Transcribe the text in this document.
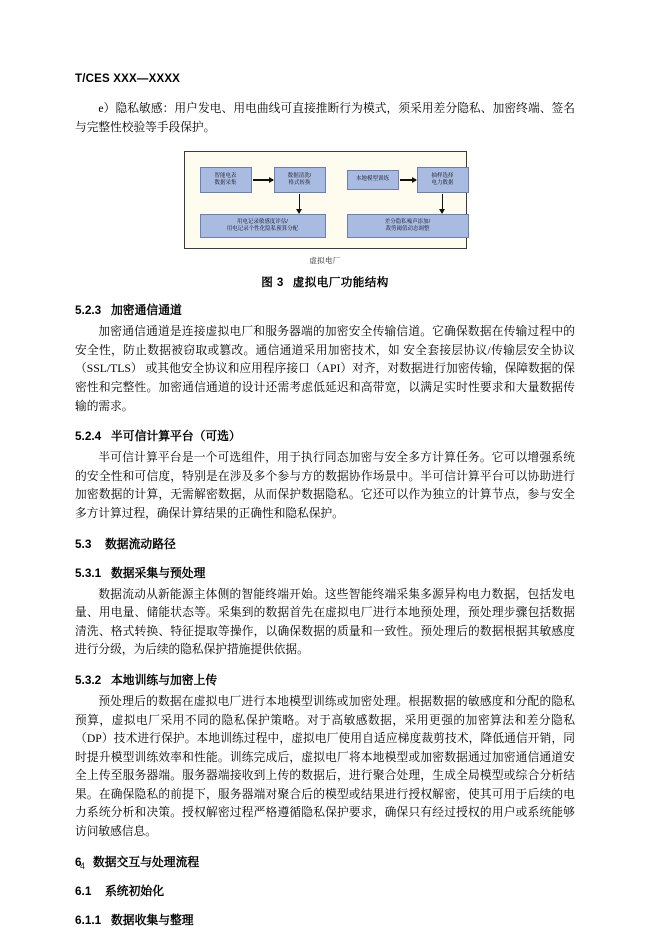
T/CES XXX—XXXX

e）隐私敏感：用户发电、用电曲线可直接推断行为模式，须采用差分隐私、加密终端、签名与完整性校验等手段保护。

智能电表
数据采集
数据清洗/
格式转换
本地模型训练
抽样选择
电力数据
用电记录敏感度评估/
用电记录个性化隐私预算分配
差分隐私噪声添加/
裁剪阈值动态调整
虚拟电厂
图 3 虚拟电厂功能结构
5.2.3 加密通信通道

加密通信通道是连接虚拟电厂和服务器端的加密安全传输信道。它确保数据在传输过程中的安全性，防止数据被窃取或篡改。通信通道采用加密技术，如 安全套接层协议/传输层安全协议（SSL/TLS） 或其他安全协议和应用程序接口（API）对齐，对数据进行加密传输，保障数据的保密性和完整性。加密通信通道的设计还需考虑低延迟和高带宽，以满足实时性要求和大量数据传输的需求。

5.2.4 半可信计算平台（可选）

半可信计算平台是一个可选组件，用于执行同态加密与安全多方计算任务。它可以增强系统的安全性和可信度，特别是在涉及多个参与方的数据协作场景中。半可信计算平台可以协助进行加密数据的计算，无需解密数据，从而保护数据隐私。它还可以作为独立的计算节点，参与安全多方计算过程，确保计算结果的正确性和隐私保护。

5.3 数据流动路径
5.3.1 数据采集与预处理

数据流动从新能源主体侧的智能终端开始。这些智能终端采集多源异构电力数据，包括发电量、用电量、储能状态等。采集到的数据首先在虚拟电厂进行本地预处理，预处理步骤包括数据清洗、格式转换、特征提取等操作，以确保数据的质量和一致性。预处理后的数据根据其敏感度进行分级，为后续的隐私保护措施提供依据。

5.3.2 本地训练与加密上传

预处理后的数据在虚拟电厂进行本地模型训练或加密处理。根据数据的敏感度和分配的隐私预算，虚拟电厂采用不同的隐私保护策略。对于高敏感数据，采用更强的加密算法和差分隐私（DP）技术进行保护。本地训练过程中，虚拟电厂使用自适应梯度裁剪技术，降低通信开销，同时提升模型训练效率和性能。训练完成后，虚拟电厂将本地模型或加密数据通过加密通信通道安全上传至服务器端。服务器端接收到上传的数据后，进行聚合处理，生成全局模型或综合分析结果。在确保隐私的前提下，服务器端对聚合后的模型或结果进行授权解密，使其可用于后续的电力系统分析和决策。授权解密过程严格遵循隐私保护要求，确保只有经过授权的用户或系统能够访问敏感信息。

6 数据交互与处理流程
6.1 系统初始化
6.1.1 数据收集与整理
4
